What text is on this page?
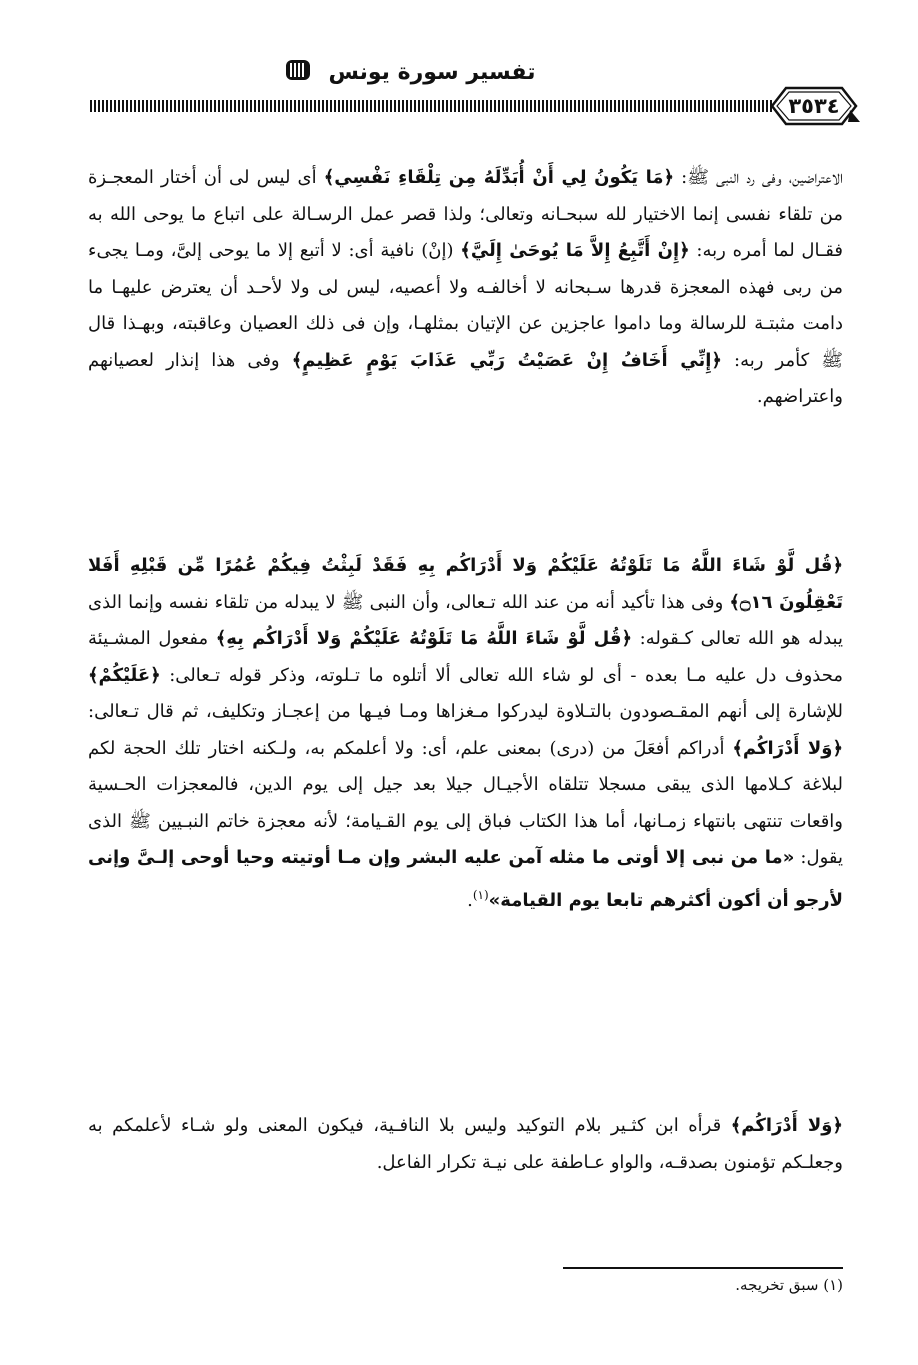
تفسير سورة يونس
٣٥٣٤

الاعتراضين، وفى رد النبى ﷺ: ﴿مَا يَكُونُ لِي أَنْ أُبَدِّلَهُ مِن تِلْقَاءِ نَفْسِي﴾ أى ليس لى أن أختار المعجـزة من تلقاء نفسى إنما الاختيار لله سبحـانه وتعالى؛ ولذا قصر عمل الرسـالة على اتباع ما يوحى الله به فقـال لما أمره ربه: ﴿إِنْ أَتَّبِعُ إِلاَّ مَا يُوحَىٰ إِلَيَّ﴾ (إنْ) نافية أى: لا أتبع إلا ما يوحى إلىَّ، ومـا يجىء من ربى فهذه المعجزة قدرها سـبحانه لا أخالفـه ولا أعصيه، ليس لى ولا لأحـد أن يعترض عليهـا ما دامت مثبتـة للرسالة وما داموا عاجزين عن الإتيان بمثلهـا، وإن فى ذلك العصيان وعاقبته، وبهـذا قال ﷺ كأمر ربه: ﴿إِنِّي أَخَافُ إِنْ عَصَيْتُ رَبِّي عَذَابَ يَوْمٍ عَظِيمٍ﴾ وفى هذا إنذار لعصيانهم واعتراضهم.

﴿قُل لَّوْ شَاءَ اللَّهُ مَا تَلَوْتُهُ عَلَيْكُمْ وَلا أَدْرَاكُم بِهِ فَقَدْ لَبِثْتُ فِيكُمْ عُمُرًا مِّن قَبْلِهِ أَفَلا تَعْقِلُونَ ۝١٦﴾ وفى هذا تأكيد أنه من عند الله تـعالى، وأن النبى ﷺ لا يبدله من تلقاء نفسه وإنما الذى يبدله هو الله تعالى كـقوله: ﴿قُل لَّوْ شَاءَ اللَّهُ مَا تَلَوْتُهُ عَلَيْكُمْ وَلا أَدْرَاكُم بِهِ﴾ مفعول المشـيئة محذوف دل عليه مـا بعده - أى لو شاء الله تعالى ألا أتلوه ما تـلوته، وذكر قوله تـعالى: ﴿عَلَيْكُمْ﴾ للإشارة إلى أنهم المقـصودون بالتـلاوة ليدركوا مـغزاها ومـا فيـها من إعجـاز وتكليف، ثم قال تـعالى: ﴿وَلا أَدْرَاكُم﴾ أدراكم أفعَلَ من (درى) بمعنى علم، أى: ولا أعلمكم به، ولـكنه اختار تلك الحجة لكم لبلاغة كـلامها الذى يبقى مسجلا تتلقاه الأجيـال جيلا بعد جيل إلى يوم الدين، فالمعجزات الحـسية واقعات تنتهى بانتهاء زمـانها، أما هذا الكتاب فباق إلى يوم القـيامة؛ لأنه معجزة خاتم النبـيين ﷺ الذى يقول: «ما من نبى إلا أوتى ما مثله آمن عليه البشر وإن مـا أوتيته وحيا أوحى إلـىَّ وإنى لأرجو أن أكون أكثرهم تابعا يوم القيامة»$^{(١)}$.

﴿وَلا أَدْرَاكُم﴾ قرأه ابن كثـير بلام التوكيد وليس بلا النافـية، فيكون المعنى ولو شـاء لأعلمكم به وجعلـكم تؤمنون بصدقـه، والواو عـاطفة على نيـة تكرار الفاعل.

(١) سبق تخريجه.
